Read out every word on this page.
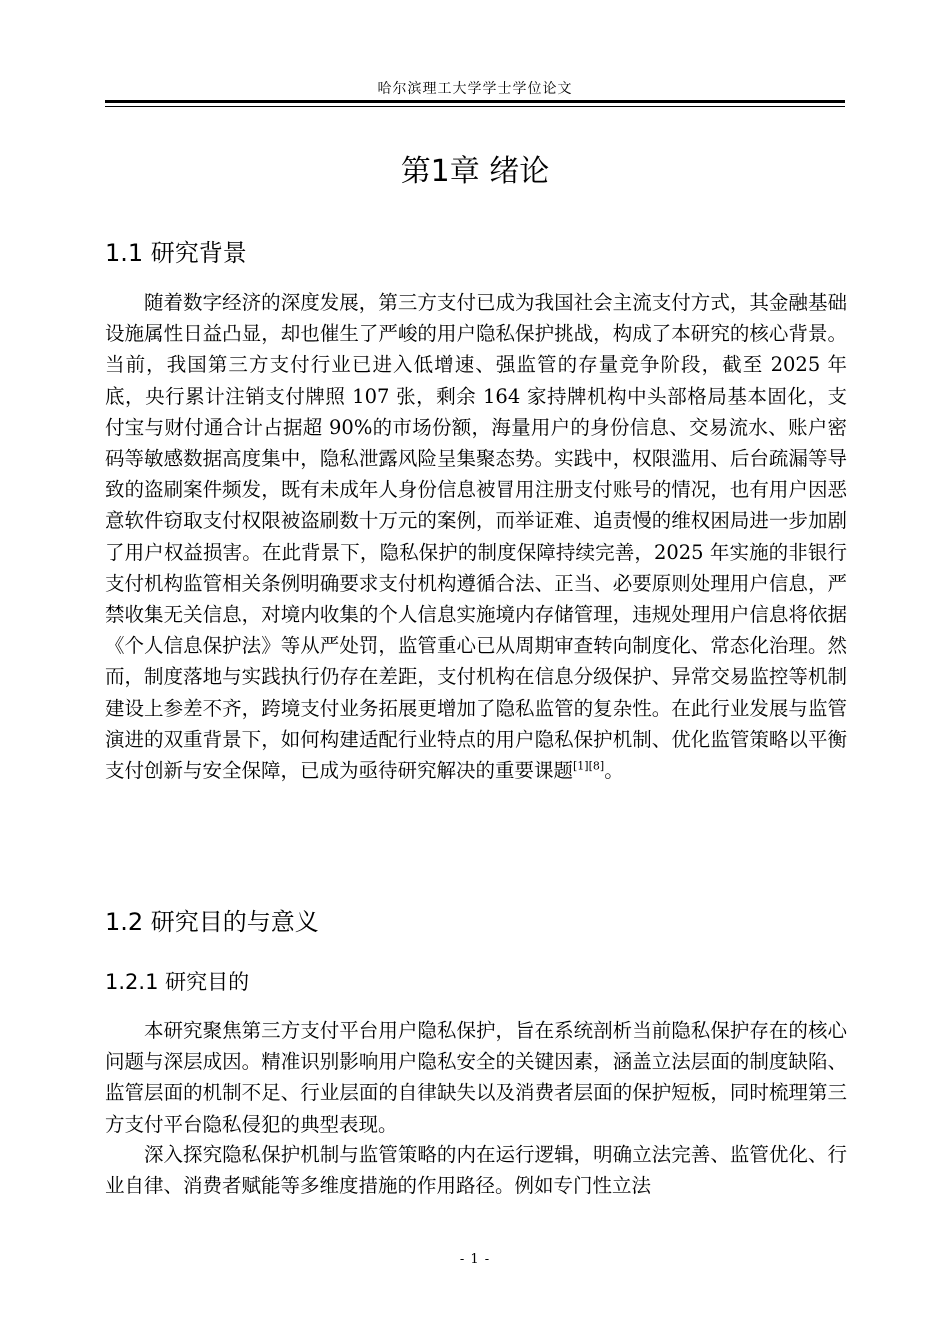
哈尔滨理工大学学士学位论文
第1章 绪论
1.1 研究背景

随着数字经济的深度发展，第三方支付已成为我国社会主流支付方式，其金融基础设施属性日益凸显，却也催生了严峻的用户隐私保护挑战，构成了本研究的核心背景。当前，我国第三方支付行业已进入低增速、强监管的存量竞争阶段，截至 2025 年底，央行累计注销支付牌照 107 张，剩余 164 家持牌机构中头部格局基本固化，支付宝与财付通合计占据超 90%的市场份额，海量用户的身份信息、交易流水、账户密码等敏感数据高度集中，隐私泄露风险呈集聚态势。实践中，权限滥用、后台疏漏等导致的盗刷案件频发，既有未成年人身份信息被冒用注册支付账号的情况，也有用户因恶意软件窃取支付权限被盗刷数十万元的案例，而举证难、追责慢的维权困局进一步加剧了用户权益损害。在此背景下，隐私保护的制度保障持续完善，2025 年实施的非银行支付机构监管相关条例明确要求支付机构遵循合法、正当、必要原则处理用户信息，严禁收集无关信息，对境内收集的个人信息实施境内存储管理，违规处理用户信息将依据《个人信息保护法》等从严处罚，监管重心已从周期审查转向制度化、常态化治理。然而，制度落地与实践执行仍存在差距，支付机构在信息分级保护、异常交易监控等机制建设上参差不齐，跨境支付业务拓展更增加了隐私监管的复杂性。在此行业发展与监管演进的双重背景下，如何构建适配行业特点的用户隐私保护机制、优化监管策略以平衡支付创新与安全保障，已成为亟待研究解决的重要课题[1][8]。

1.2 研究目的与意义
1.2.1 研究目的

本研究聚焦第三方支付平台用户隐私保护，旨在系统剖析当前隐私保护存在的核心问题与深层成因。精准识别影响用户隐私安全的关键因素，涵盖立法层面的制度缺陷、监管层面的机制不足、行业层面的自律缺失以及消费者层面的保护短板，同时梳理第三方支付平台隐私侵犯的典型表现。

深入探究隐私保护机制与监管策略的内在运行逻辑，明确立法完善、监管优化、行业自律、消费者赋能等多维度措施的作用路径。例如专门性立法

- 1 -
